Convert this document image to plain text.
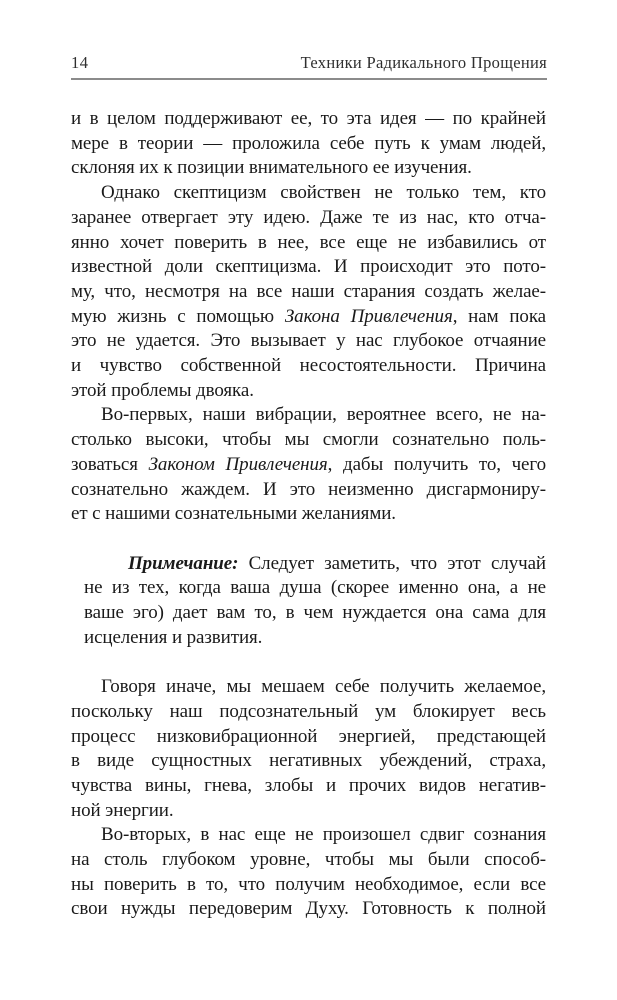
14	Техники Радикального Прощения
и в целом поддерживают ее, то эта идея — по крайней
мере в теории — проложила себе путь к умам людей,
склоняя их к позиции внимательного ее изучения.
Однако скептицизм свойствен не только тем, кто
заранее отвергает эту идею. Даже те из нас, кто отча-
янно хочет поверить в нее, все еще не избавились от
известной доли скептицизма. И происходит это пото-
му, что, несмотря на все наши старания создать желае-
мую жизнь с помощью Закона Привлечения, нам пока
это не удается. Это вызывает у нас глубокое отчаяние
и чувство собственной несостоятельности. Причина
этой проблемы двояка.
Во-первых, наши вибрации, вероятнее всего, не на-
столько высоки, чтобы мы смогли сознательно поль-
зоваться Законом Привлечения, дабы получить то, чего
сознательно жаждем. И это неизменно дисгармониру-
ет с нашими сознательными желаниями.
Примечание: Следует заметить, что этот случай
не из тех, когда ваша душа (скорее именно она, а не
ваше эго) дает вам то, в чем нуждается она сама для
исцеления и развития.
Говоря иначе, мы мешаем себе получить желаемое,
поскольку наш подсознательный ум блокирует весь
процесс низковибрационной энергией, предстающей
в виде сущностных негативных убеждений, страха,
чувства вины, гнева, злобы и прочих видов негатив-
ной энергии.
Во-вторых, в нас еще не произошел сдвиг сознания
на столь глубоком уровне, чтобы мы были способ-
ны поверить в то, что получим необходимое, если все
свои нужды передоверим Духу. Готовность к полной
